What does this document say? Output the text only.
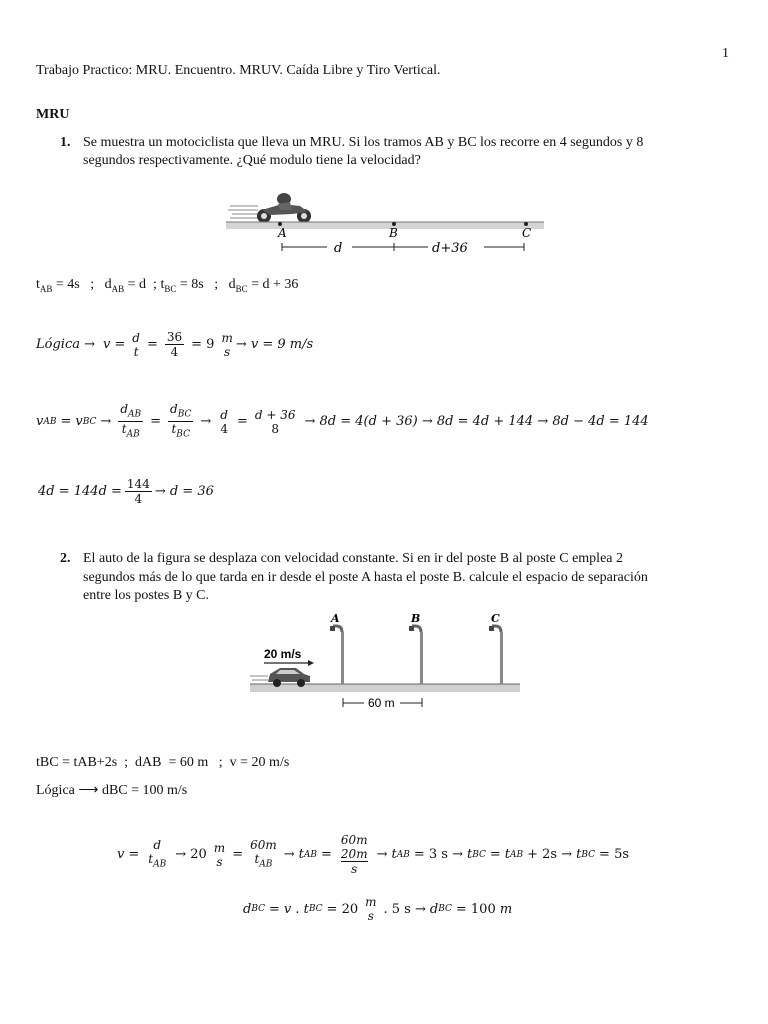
1
Trabajo Practico: MRU. Encuentro. MRUV. Caída Libre y Tiro Vertical.
MRU
1. Se muestra un motociclista que lleva un MRU. Si los tramos AB y BC los recorre en 4 segundos y 8
segundos respectivamente. ¿Qué modulo tiene la velocidad?
A	B	C
d	d+36
$t_{AB} = 4s$   ;   $d_{AB} = d$  ; $t_{BC} = 8s$   ;   $d_{BC} = d + 36$
Lógica → v = d
$t = \frac{36}{4} = 9$ m
s → v = 9 m/s
v AB = v BC → $\frac{d_{AB}}{t_{AB}} = \frac{d_{BC}}{t_{BC}} \to d$
4 = d + 36
8 → 8d = 4(d + 36) → 8d = 4d + 144 → 8d − 4d = 144
$4d = 144d = \frac{144}{4} \to d = 36$
2. El auto de la figura se desplaza con velocidad constante. Si en ir del poste B al poste C emplea 2
segundos más de lo que tarda en ir desde el poste A hasta el poste B. calcule el espacio de separación
entre los postes B y C.
20 m/s
A	B	C
60 m
tBC = tAB+2s  ;  dAB  = 60 m   ;  v = 20 m/s
Lógica ⟶ dBC = 100 m/s
v =
d
$t_{AB}$
→ 20 m
s =
60m
$t_{AB}$
→ t AB =
60m
20m
s
→ t AB = 3 s → t BC = t AB + 2s → t BC = 5s
d BC = v . t BC = 20 m
s . 5 s → d BC = 100 m
